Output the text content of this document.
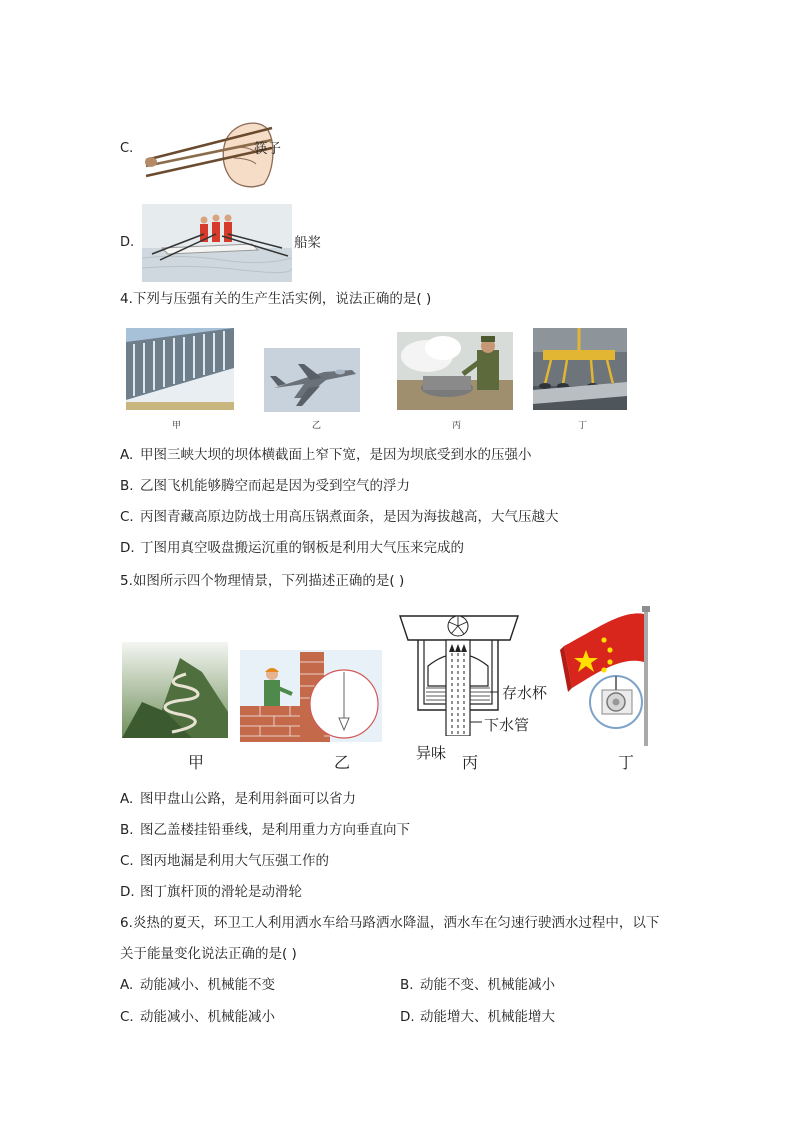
C.	筷子
D.	船桨
4.下列与压强有关的生产生活实例，说法正确的是( )
甲	乙	丙	丁
A. 甲图三峡大坝的坝体横截面上窄下宽，是因为坝底受到水的压强小
B. 乙图飞机能够腾空而起是因为受到空气的浮力
C. 丙图青藏高原边防战士用高压锅煮面条，是因为海拔越高，大气压越大
D. 丁图用真空吸盘搬运沉重的钢板是利用大气压来完成的
5.如图所示四个物理情景，下列描述正确的是( )
甲	乙
存水杯
下水管
异味 丙	丁
A. 图甲盘山公路，是利用斜面可以省力
B. 图乙盖楼挂铅垂线，是利用重力方向垂直向下
C. 图丙地漏是利用大气压强工作的
D. 图丁旗杆顶的滑轮是动滑轮
6.炎热的夏天，环卫工人利用洒水车给马路洒水降温，洒水车在匀速行驶洒水过程中，以下
关于能量变化说法正确的是( )
A. 动能减小、机械能不变	B. 动能不变、机械能减小
C. 动能减小、机械能减小	D. 动能增大、机械能增大
